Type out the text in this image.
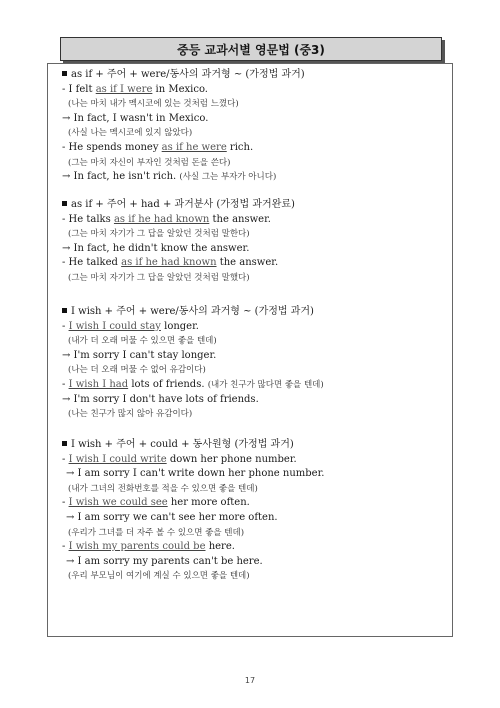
중등 교과서별 영문법 (중3)
as if + 주어 + were/동사의 과거형 ~ (가정법 과거)
- I felt as if I were in Mexico.
(나는 마치 내가 멕시코에 있는 것처럼 느꼈다)
→ In fact, I wasn't in Mexico.
(사실 나는 멕시코에 있지 않았다)
- He spends money as if he were rich.
(그는 마치 자신이 부자인 것처럼 돈을 쓴다)
→ In fact, he isn't rich. (사실 그는 부자가 아니다)
as if + 주어 + had + 과거분사 (가정법 과거완료)
- He talks as if he had known the answer.
(그는 마치 자기가 그 답을 알았던 것처럼 말한다)
→ In fact, he didn't know the answer.
- He talked as if he had known the answer.
(그는 마치 자기가 그 답을 알았던 것처럼 말했다)
I wish + 주어 + were/동사의 과거형 ~ (가정법 과거)
- I wish I could stay longer.
(내가 더 오래 머물 수 있으면 좋을 텐데)
→ I'm sorry I can't stay longer.
(나는 더 오래 머물 수 없어 유감이다)
- I wish I had lots of friends. (내가 친구가 많다면 좋을 텐데)
→ I'm sorry I don't have lots of friends.
(나는 친구가 많지 않아 유감이다)
I wish + 주어 + could + 동사원형 (가정법 과거)
- I wish I could write down her phone number.
→ I am sorry I can't write down her phone number.
(내가 그녀의 전화번호를 적을 수 있으면 좋을 텐데)
- I wish we could see her more often.
→ I am sorry we can't see her more often.
(우리가 그녀를 더 자주 볼 수 있으면 좋을 텐데)
- I wish my parents could be here.
→ I am sorry my parents can't be here.
(우리 부모님이 여기에 계실 수 있으면 좋을 텐데)
17
